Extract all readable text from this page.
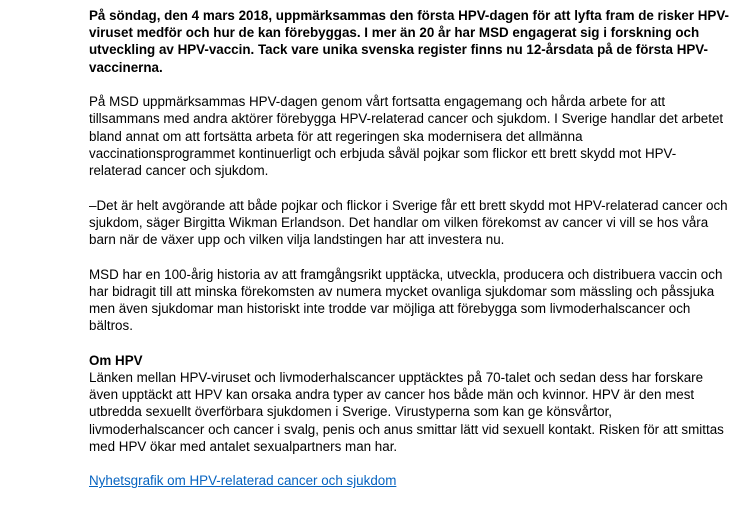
På söndag, den 4 mars 2018, uppmärksammas den första HPV-dagen för att lyfta fram de risker HPV-viruset medför och hur de kan förebyggas. I mer än 20 år har MSD engagerat sig i forskning och utveckling av HPV-vaccin. Tack vare unika svenska register finns nu 12-årsdata på de första HPV-vaccinerna.

På MSD uppmärksammas HPV-dagen genom vårt fortsatta engagemang och hårda arbete for att tillsammans med andra aktörer förebygga HPV-relaterad cancer och sjukdom. I Sverige handlar det arbetet bland annat om att fortsätta arbeta för att regeringen ska modernisera det allmänna vaccinationsprogrammet kontinuerligt och erbjuda såväl pojkar som flickor ett brett skydd mot HPV-relaterad cancer och sjukdom.

–Det är helt avgörande att både pojkar och flickor i Sverige får ett brett skydd mot HPV-relaterad cancer och sjukdom, säger Birgitta Wikman Erlandson. Det handlar om vilken förekomst av cancer vi vill se hos våra barn när de växer upp och vilken vilja landstingen har att investera nu.

MSD har en 100-årig historia av att framgångsrikt upptäcka, utveckla, producera och distribuera vaccin och har bidragit till att minska förekomsten av numera mycket ovanliga sjukdomar som mässling och påssjuka men även sjukdomar man historiskt inte trodde var möjliga att förebygga som livmoderhalscancer och bältros.

Om HPV
Länken mellan HPV-viruset och livmoderhalscancer upptäcktes på 70-talet och sedan dess har forskare även upptäckt att HPV kan orsaka andra typer av cancer hos både män och kvinnor. HPV är den mest utbredda sexuellt överförbara sjukdomen i Sverige. Virustyperna som kan ge könsvårtor, livmoderhalscancer och cancer i svalg, penis och anus smittar lätt vid sexuell kontakt. Risken för att smittas med HPV ökar med antalet sexualpartners man har.

Nyhetsgrafik om HPV-relaterad cancer och sjukdom
